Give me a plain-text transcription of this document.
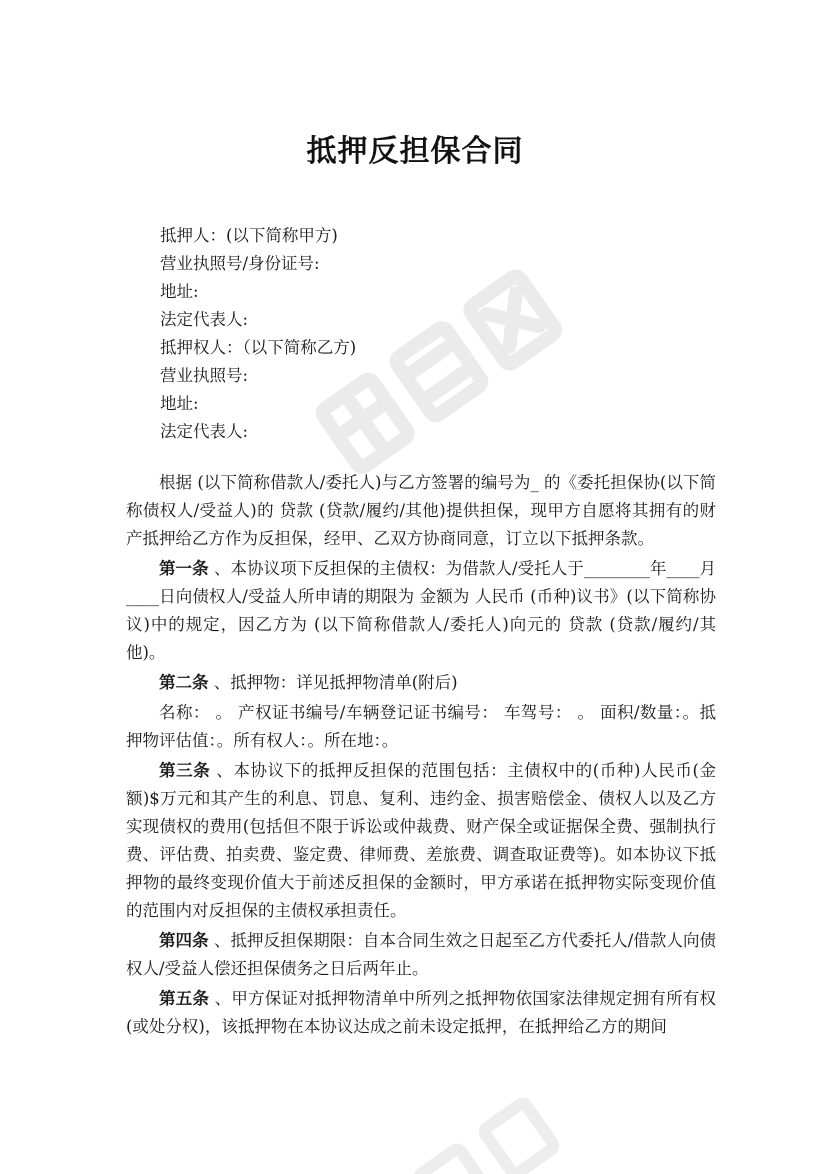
抵押反担保合同
抵押人：(以下简称甲方)
营业执照号/身份证号:
地址:
法定代表人:
抵押权人：（以下简称乙方)
营业执照号:
地址:
法定代表人:

根据 (以下简称借款人/委托人)与乙方签署的编号为_ 的《委托担保协(以下简称债权人/受益人)的 贷款 (贷款/履约/其他)提供担保，现甲方自愿将其拥有的财产抵押给乙方作为反担保，经甲、乙双方协商同意，订立以下抵押条款。

第一条 、本协议项下反担保的主债权：为借款人/受托人于________年____月____日向债权人/受益人所申请的期限为 金额为 人民币 (币种)议书》(以下简称协议)中的规定，因乙方为 (以下简称借款人/委托人)向元的 贷款 (贷款/履约/其他)。

第二条 、抵押物：详见抵押物清单(附后)

名称： 。 产权证书编号/车辆登记证书编号： 车驾号： 。 面积/数量：。抵押物评估值：。所有权人：。所在地：。

第三条 、本协议下的抵押反担保的范围包括：主债权中的(币种)人民币(金额)$万元和其产生的利息、罚息、复利、违约金、损害赔偿金、债权人以及乙方实现债权的费用(包括但不限于诉讼或仲裁费、财产保全或证据保全费、强制执行费、评估费、拍卖费、鉴定费、律师费、差旅费、调查取证费等)。如本协议下抵押物的最终变现价值大于前述反担保的金额时，甲方承诺在抵押物实际变现价值的范围内对反担保的主债权承担责任。

第四条 、抵押反担保期限：自本合同生效之日起至乙方代委托人/借款人向债权人/受益人偿还担保债务之日后两年止。

第五条 、甲方保证对抵押物清单中所列之抵押物依国家法律规定拥有所有权(或处分权)，该抵押物在本协议达成之前未设定抵押，在抵押给乙方的期间
